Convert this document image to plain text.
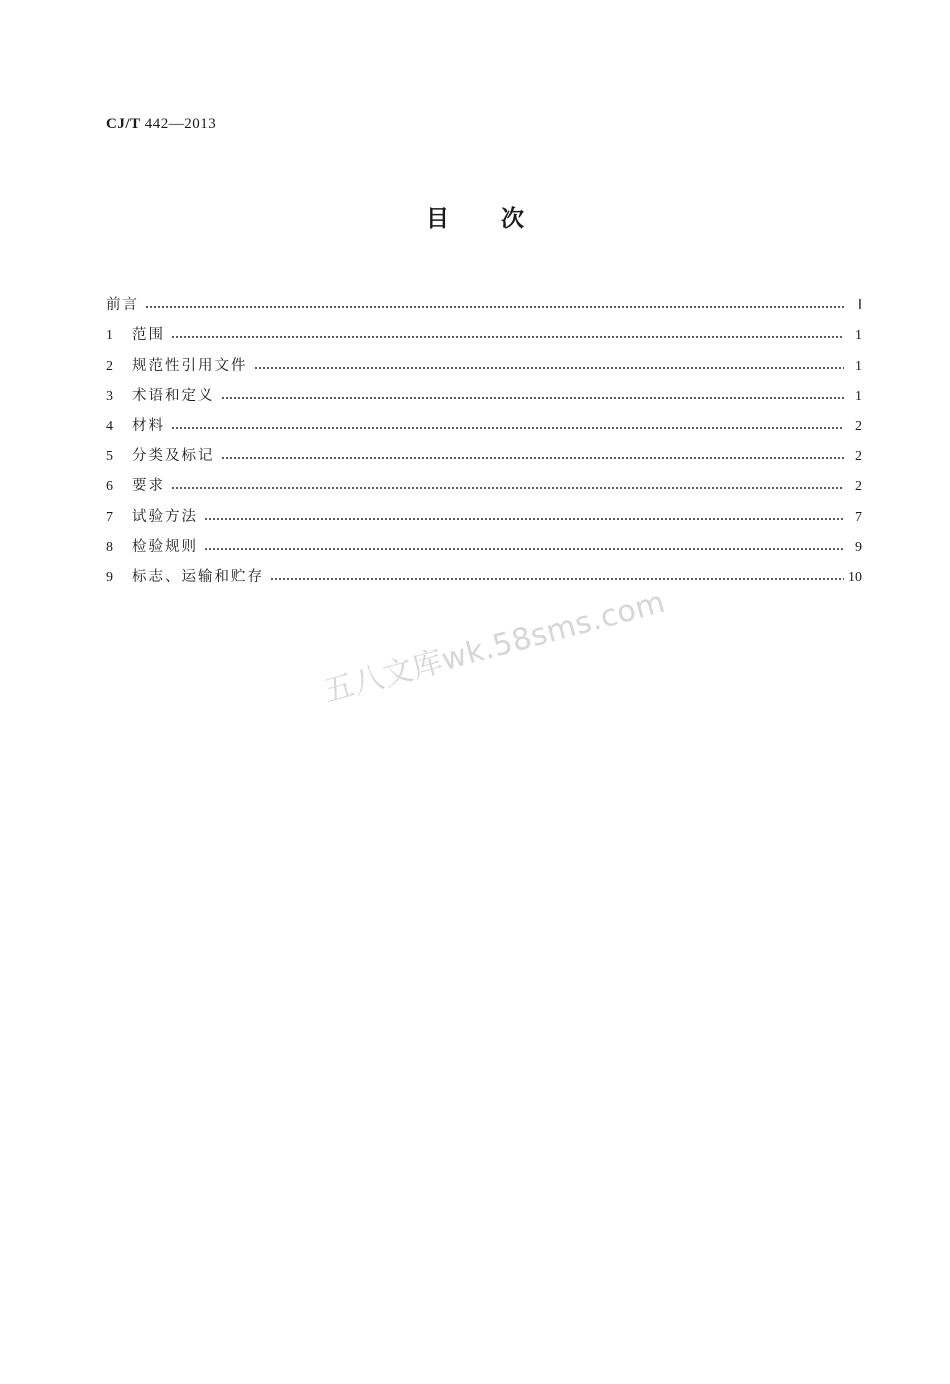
CJ/T 442—2013
目次
前言	Ⅰ
1	范围	1
2	规范性引用文件	1
3	术语和定义	1
4	材料	2
5	分类及标记	2
6	要求	2
7	试验方法	7
8	检验规则	9
9	标志、运输和贮存	10
五八文库wk.58sms.com
